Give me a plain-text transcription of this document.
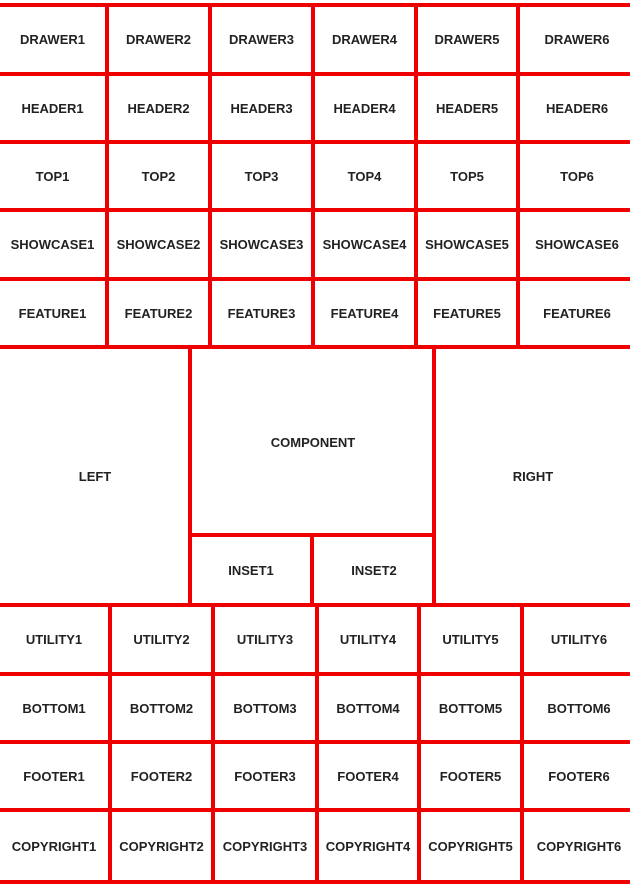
DRAWER1	DRAWER2	DRAWER3	DRAWER4	DRAWER5	DRAWER6
HEADER1	HEADER2	HEADER3	HEADER4	HEADER5	HEADER6
TOP1	TOP2	TOP3	TOP4	TOP5	TOP6
SHOWCASE1 SHOWCASE2 SHOWCASE3 SHOWCASE4 SHOWCASE5 SHOWCASE6
FEATURE1	FEATURE2	FEATURE3	FEATURE4	FEATURE5	FEATURE6
LEFT
COMPONENT
INSET1	INSET2
RIGHT
UTILITY1	UTILITY2	UTILITY3	UTILITY4	UTILITY5	UTILITY6
BOTTOM1	BOTTOM2	BOTTOM3	BOTTOM4	BOTTOM5	BOTTOM6
FOOTER1	FOOTER2	FOOTER3	FOOTER4	FOOTER5	FOOTER6
COPYRIGHT1 COPYRIGHT2 COPYRIGHT3 COPYRIGHT4 COPYRIGHT5 COPYRIGHT6
